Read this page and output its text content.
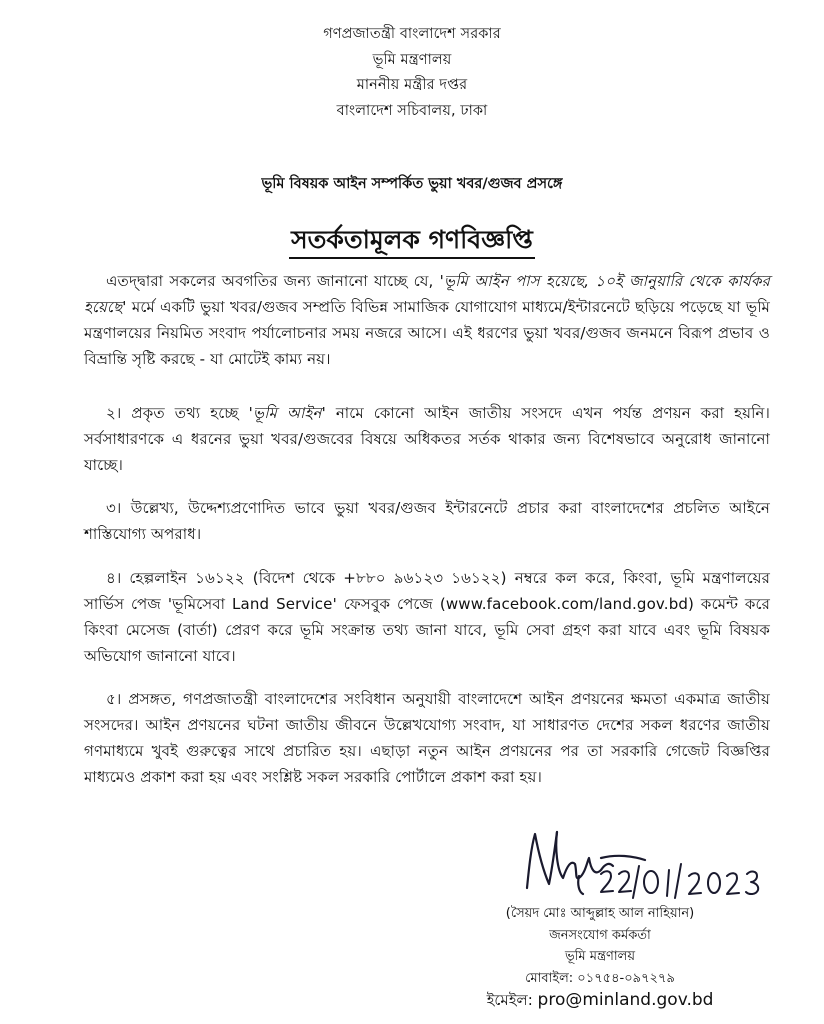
গণপ্রজাতন্ত্রী বাংলাদেশ সরকার
ভূমি মন্ত্রণালয়
মাননীয় মন্ত্রীর দপ্তর
বাংলাদেশ সচিবালয়, ঢাকা
ভূমি বিষয়ক আইন সম্পর্কিত ভুয়া খবর/গুজব প্রসঙ্গে
সতর্কতামূলক গণবিজ্ঞপ্তি
এতদ্দ্বারা সকলের অবগতির জন্য জানানো যাচ্ছে যে, 'ভূমি আইন পাস হয়েছে, ১০ই জানুয়ারি থেকে কার্যকর হয়েছে' মর্মে একটি ভুয়া খবর/গুজব সম্প্রতি বিভিন্ন সামাজিক যোগাযোগ মাধ্যমে/ইন্টারনেটে ছড়িয়ে পড়েছে যা ভূমি মন্ত্রণালয়ের নিয়মিত সংবাদ পর্যালোচনার সময় নজরে আসে। এই ধরণের ভুয়া খবর/গুজব জনমনে বিরূপ প্রভাব ও বিভ্রান্তি সৃষ্টি করছে - যা মোটেই কাম্য নয়।
২। প্রকৃত তথ্য হচ্ছে 'ভূমি আইন' নামে কোনো আইন জাতীয় সংসদে এখন পর্যন্ত প্রণয়ন করা হয়নি। সর্বসাধারণকে এ ধরনের ভুয়া খবর/গুজবের বিষয়ে অধিকতর সর্তক থাকার জন্য বিশেষভাবে অনুরোধ জানানো যাচ্ছে।
৩। উল্লেখ্য, উদ্দেশ্যপ্রণোদিত ভাবে ভুয়া খবর/গুজব ইন্টারনেটে প্রচার করা বাংলাদেশের প্রচলিত আইনে শাস্তিযোগ্য অপরাধ।
৪। হেল্পলাইন ১৬১২২ (বিদেশ থেকে +৮৮০ ৯৬১২৩ ১৬১২২) নম্বরে কল করে, কিংবা, ভূমি মন্ত্রণালয়ের সার্ভিস পেজ 'ভূমিসেবা Land Service' ফেসবুক পেজে (www.facebook.com/land.gov.bd) কমেন্ট করে কিংবা মেসেজ (বার্তা) প্রেরণ করে ভূমি সংক্রান্ত তথ্য জানা যাবে, ভূমি সেবা গ্রহণ করা যাবে এবং ভূমি বিষয়ক অভিযোগ জানানো যাবে।
৫। প্রসঙ্গত, গণপ্রজাতন্ত্রী বাংলাদেশের সংবিধান অনুযায়ী বাংলাদেশে আইন প্রণয়নের ক্ষমতা একমাত্র জাতীয় সংসদের। আইন প্রণয়নের ঘটনা জাতীয় জীবনে উল্লেখযোগ্য সংবাদ, যা সাধারণত দেশের সকল ধরণের জাতীয় গণমাধ্যমে খুবই গুরুত্বের সাথে প্রচারিত হয়। এছাড়া নতুন আইন প্রণয়নের পর তা সরকারি গেজেট বিজ্ঞপ্তির মাধ্যমেও প্রকাশ করা হয় এবং সংশ্লিষ্ট সকল সরকারি পোর্টালে প্রকাশ করা হয়।
22/01/2023
(সৈয়দ মোঃ আব্দুল্লাহ আল নাহিয়ান)
জনসংযোগ কর্মকর্তা
ভূমি মন্ত্রণালয়
মোবাইল: ০১৭৫৪-০৯৭২৭৯
ইমেইল: pro@minland.gov.bd
